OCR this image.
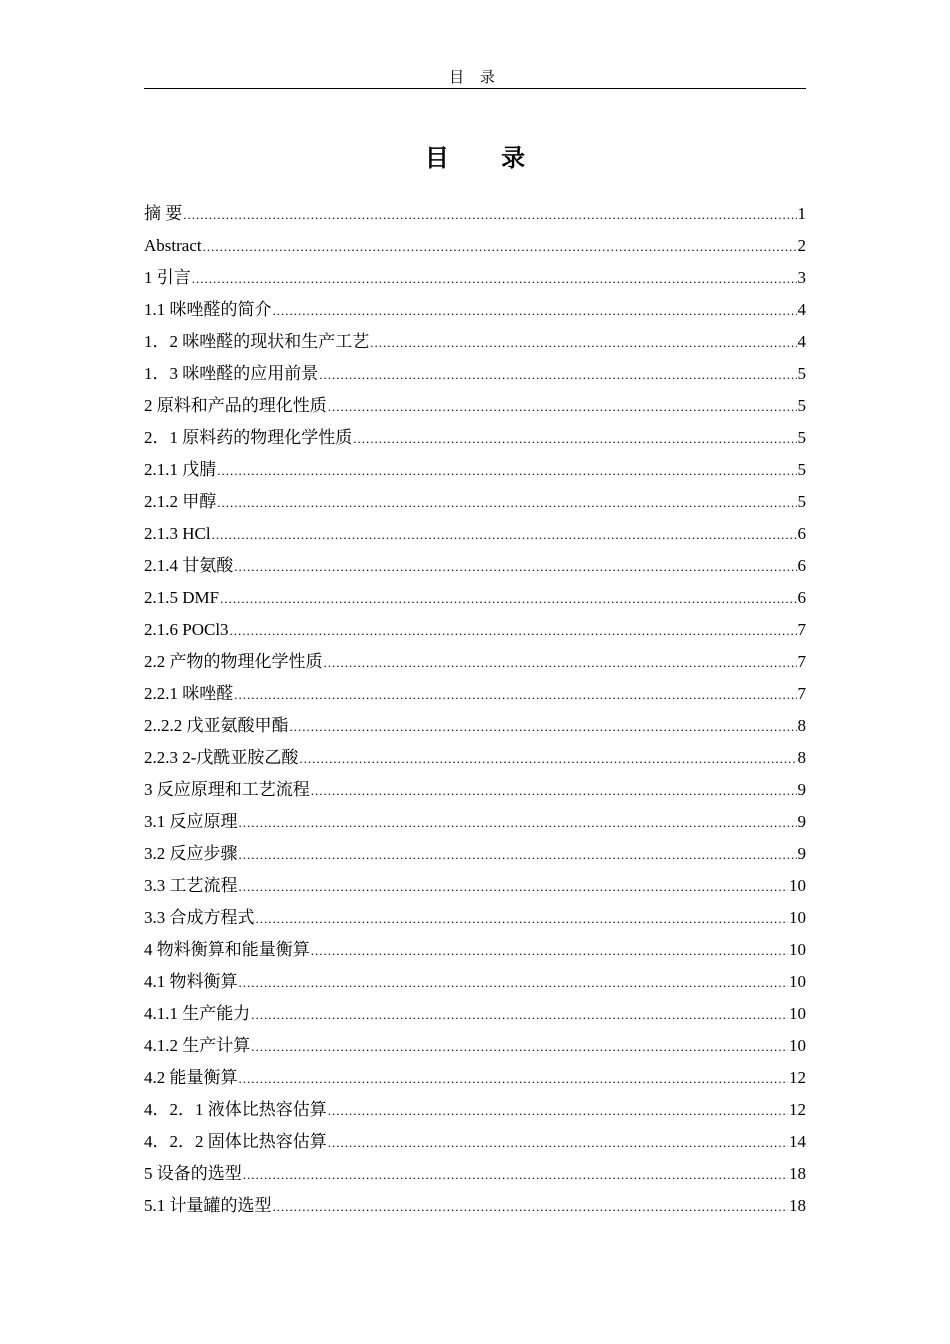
目 录
目 录
摘 要 .....	1
Abstract .....	2
1 引言 .....	3
1.1 咪唑醛的简介 .....	4
1．2 咪唑醛的现状和生产工艺 .....	4
1．3 咪唑醛的应用前景 .....	5
2 原料和产品的理化性质 .....	5
2．1 原料药的物理化学性质 .....	5
2.1.1 戊腈 .....	5
2.1.2 甲醇 .....	5
2.1.3 HCl .....	6
2.1.4 甘氨酸 .....	6
2.1.5 DMF .....	6
2.1.6 POCl3 .....	7
2.2 产物的物理化学性质 .....	7
2.2.1 咪唑醛 .....	7
2..2.2 戊亚氨酸甲酯 .....	8
2.2.3 2-戊酰亚胺乙酸 .....	8
3 反应原理和工艺流程 .....	9
3.1 反应原理 .....	9
3.2 反应步骤 .....	9
3.3 工艺流程 .....	10
3.3 合成方程式 .....	10
4 物料衡算和能量衡算 .....	10
4.1 物料衡算 .....	10
4.1.1 生产能力 .....	10
4.1.2 生产计算 .....	10
4.2 能量衡算 .....	12
4．2．1 液体比热容估算 .....	12
4．2．2 固体比热容估算 .....	14
5 设备的选型 .....	18
5.1 计量罐的选型 .....	18
